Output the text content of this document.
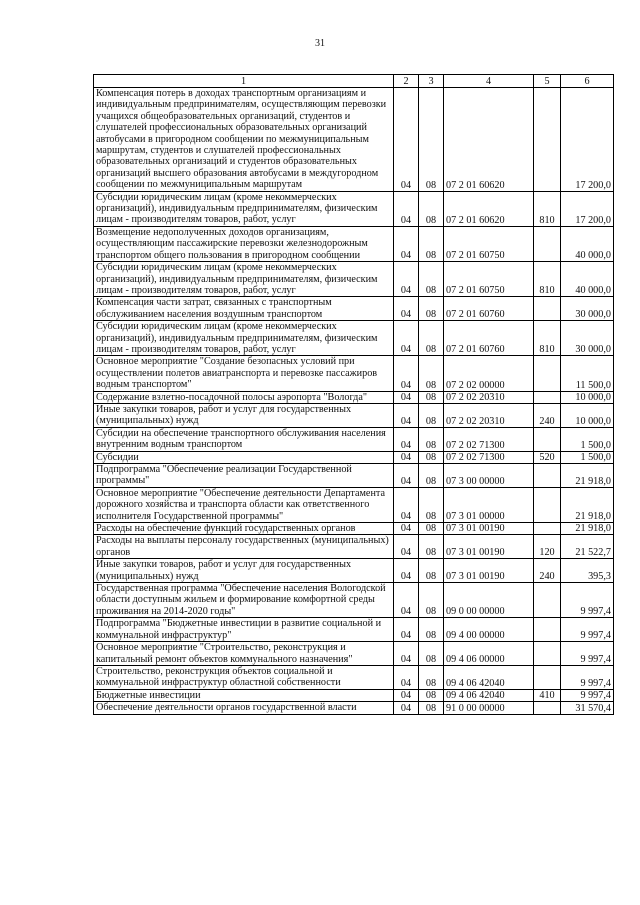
31
1	2	3	4	5	6
Компенсация потерь в доходах транспортным организациям и индивидуальным предпринимателям, осуществляющим перевозки учащихся общеобразовательных организаций, студентов и слушателей профессиональных образовательных организаций автобусами в пригородном сообщении по межмуниципальным маршрутам, студентов и слушателей профессиональных образовательных организаций и студентов образовательных организаций высшего образования автобусами в междугородном сообщении по межмуниципальным маршрутам	04	08	07 2 01 60620		17 200,0
Субсидии юридическим лицам (кроме некоммерческих организаций), индивидуальным предпринимателям, физическим лицам - производителям товаров, работ, услуг	04	08	07 2 01 60620	810	17 200,0
Возмещение недополученных доходов организациям, осуществляющим пассажирские перевозки железнодорожным транспортом общего пользования в пригородном сообщении	04	08	07 2 01 60750		40 000,0
Субсидии юридическим лицам (кроме некоммерческих организаций), индивидуальным предпринимателям, физическим лицам - производителям товаров, работ, услуг	04	08	07 2 01 60750	810	40 000,0
Компенсация части затрат, связанных с транспортным обслуживанием населения воздушным транспортом	04	08	07 2 01 60760		30 000,0
Субсидии юридическим лицам (кроме некоммерческих организаций), индивидуальным предпринимателям, физическим лицам - производителям товаров, работ, услуг	04	08	07 2 01 60760	810	30 000,0
Основное мероприятие "Создание безопасных условий при осуществлении полетов авиатранспорта и перевозке пассажиров водным транспортом"	04	08	07 2 02 00000		11 500,0
Содержание взлетно-посадочной полосы аэропорта "Вологда"	04	08	07 2 02 20310		10 000,0
Иные закупки товаров, работ и услуг для государственных (муниципальных) нужд	04	08	07 2 02 20310	240	10 000,0
Субсидии на обеспечение транспортного обслуживания населения внутренним водным транспортом	04	08	07 2 02 71300		1 500,0
Субсидии	04	08	07 2 02 71300	520	1 500,0
Подпрограмма "Обеспечение реализации Государственной программы"	04	08	07 3 00 00000		21 918,0
Основное мероприятие "Обеспечение деятельности Департамента дорожного хозяйства и транспорта области как ответственного исполнителя Государственной программы"	04	08	07 3 01 00000		21 918,0
Расходы на обеспечение функций государственных органов	04	08	07 3 01 00190		21 918,0
Расходы на выплаты персоналу государственных (муниципальных) органов	04	08	07 3 01 00190	120	21 522,7
Иные закупки товаров, работ и услуг для государственных (муниципальных) нужд	04	08	07 3 01 00190	240	395,3
Государственная программа "Обеспечение населения Вологодской области доступным жильем и формирование комфортной среды проживания на 2014-2020 годы"	04	08	09 0 00 00000		9 997,4
Подпрограмма "Бюджетные инвестиции в развитие социальной и коммунальной инфраструктур"	04	08	09 4 00 00000		9 997,4
Основное мероприятие "Строительство, реконструкция и капитальный ремонт объектов коммунального назначения"	04	08	09 4 06 00000		9 997,4
Строительство, реконструкция объектов социальной и коммунальной инфраструктур областной собственности	04	08	09 4 06 42040		9 997,4
Бюджетные инвестиции	04	08	09 4 06 42040	410	9 997,4
Обеспечение деятельности органов государственной власти	04	08	91 0 00 00000		31 570,4
